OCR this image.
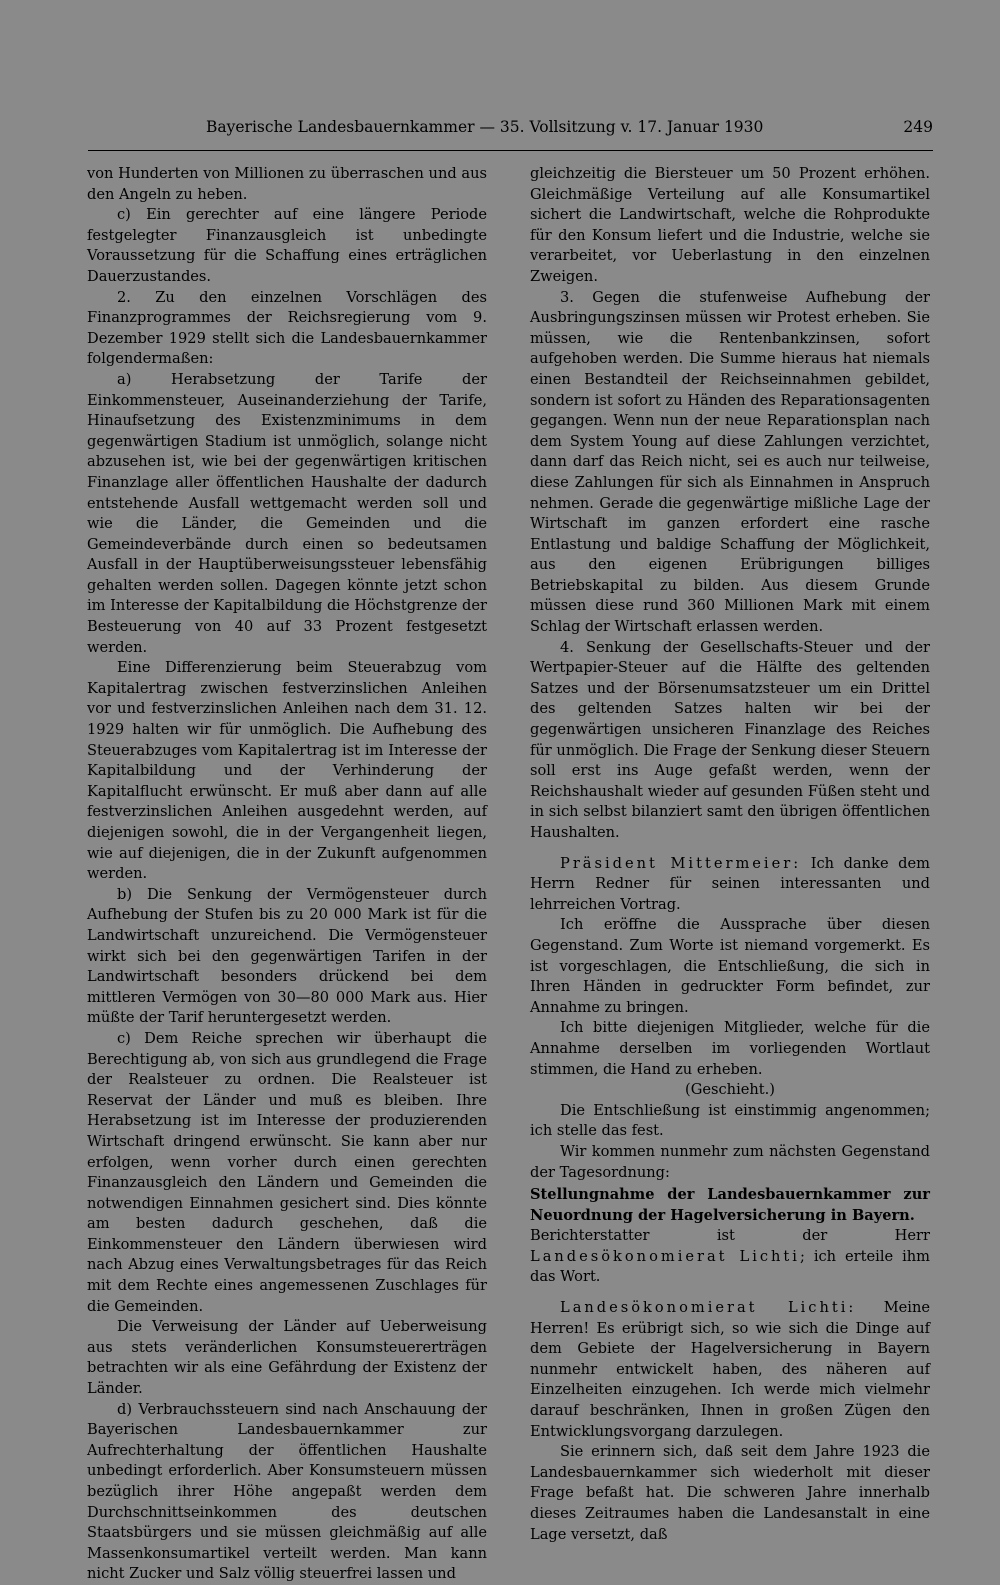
Bayerische Landesbauernkammer — 35. Vollsitzung v. 17. Januar 1930	249

von Hunderten von Millionen zu überraschen und aus den Angeln zu heben.

c) Ein gerechter auf eine längere Periode festgelegter Finanzausgleich ist unbedingte Voraussetzung für die Schaffung eines erträglichen Dauerzustandes.

2. Zu den einzelnen Vorschlägen des Finanzprogrammes der Reichsregierung vom 9. Dezember 1929 stellt sich die Landesbauernkammer folgendermaßen:

a) Herabsetzung der Tarife der Einkommensteuer, Auseinanderziehung der Tarife, Hinaufsetzung des Existenzminimums in dem gegenwärtigen Stadium ist unmöglich, solange nicht abzusehen ist, wie bei der gegenwärtigen kritischen Finanzlage aller öffentlichen Haushalte der dadurch entstehende Ausfall wettgemacht werden soll und wie die Länder, die Gemeinden und die Gemeindeverbände durch einen so bedeutsamen Ausfall in der Hauptüberweisungssteuer lebensfähig gehalten werden sollen. Dagegen könnte jetzt schon im Interesse der Kapitalbildung die Höchstgrenze der Besteuerung von 40 auf 33 Prozent festgesetzt werden.

Eine Differenzierung beim Steuerabzug vom Kapitalertrag zwischen festverzinslichen Anleihen vor und festverzinslichen Anleihen nach dem 31. 12. 1929 halten wir für unmöglich. Die Aufhebung des Steuerabzuges vom Kapitalertrag ist im Interesse der Kapitalbildung und der Verhinderung der Kapitalflucht erwünscht. Er muß aber dann auf alle festverzinslichen Anleihen ausgedehnt werden, auf diejenigen sowohl, die in der Vergangenheit liegen, wie auf diejenigen, die in der Zukunft aufgenommen werden.

b) Die Senkung der Vermögensteuer durch Aufhebung der Stufen bis zu 20 000 Mark ist für die Landwirtschaft unzureichend. Die Vermögensteuer wirkt sich bei den gegenwärtigen Tarifen in der Landwirtschaft besonders drückend bei dem mittleren Vermögen von 30—80 000 Mark aus. Hier müßte der Tarif heruntergesetzt werden.

c) Dem Reiche sprechen wir überhaupt die Berechtigung ab, von sich aus grundlegend die Frage der Realsteuer zu ordnen. Die Realsteuer ist Reservat der Länder und muß es bleiben. Ihre Herabsetzung ist im Interesse der produzierenden Wirtschaft dringend erwünscht. Sie kann aber nur erfolgen, wenn vorher durch einen gerechten Finanzausgleich den Ländern und Gemeinden die notwendigen Einnahmen gesichert sind. Dies könnte am besten dadurch geschehen, daß die Einkommensteuer den Ländern überwiesen wird nach Abzug eines Verwaltungsbetrages für das Reich mit dem Rechte eines angemessenen Zuschlages für die Gemeinden.

Die Verweisung der Länder auf Ueberweisung aus stets veränderlichen Konsumsteuererträgen betrachten wir als eine Gefährdung der Existenz der Länder.

d) Verbrauchssteuern sind nach Anschauung der Bayerischen Landesbauernkammer zur Aufrechterhaltung der öffentlichen Haushalte unbedingt erforderlich. Aber Konsumsteuern müssen bezüglich ihrer Höhe angepaßt werden dem Durchschnittseinkommen des deutschen Staatsbürgers und sie müssen gleichmäßig auf alle Massenkonsumartikel verteilt werden. Man kann nicht Zucker und Salz völlig steuerfrei lassen und

gleichzeitig die Biersteuer um 50 Prozent erhöhen. Gleichmäßige Verteilung auf alle Konsumartikel sichert die Landwirtschaft, welche die Rohprodukte für den Konsum liefert und die Industrie, welche sie verarbeitet, vor Ueberlastung in den einzelnen Zweigen.

3. Gegen die stufenweise Aufhebung der Ausbringungszinsen müssen wir Protest erheben. Sie müssen, wie die Rentenbankzinsen, sofort aufgehoben werden. Die Summe hieraus hat niemals einen Bestandteil der Reichseinnahmen gebildet, sondern ist sofort zu Händen des Reparationsagenten gegangen. Wenn nun der neue Reparationsplan nach dem System Young auf diese Zahlungen verzichtet, dann darf das Reich nicht, sei es auch nur teilweise, diese Zahlungen für sich als Einnahmen in Anspruch nehmen. Gerade die gegenwärtige mißliche Lage der Wirtschaft im ganzen erfordert eine rasche Entlastung und baldige Schaffung der Möglichkeit, aus den eigenen Erübrigungen billiges Betriebskapital zu bilden. Aus diesem Grunde müssen diese rund 360 Millionen Mark mit einem Schlag der Wirtschaft erlassen werden.

4. Senkung der Gesellschafts-Steuer und der Wertpapier-Steuer auf die Hälfte des geltenden Satzes und der Börsenumsatzsteuer um ein Drittel des geltenden Satzes halten wir bei der gegenwärtigen unsicheren Finanzlage des Reiches für unmöglich. Die Frage der Senkung dieser Steuern soll erst ins Auge gefaßt werden, wenn der Reichshaushalt wieder auf gesunden Füßen steht und in sich selbst bilanziert samt den übrigen öffentlichen Haushalten.

Präsident Mittermeier: Ich danke dem Herrn Redner für seinen interessanten und lehrreichen Vortrag.

Ich eröffne die Aussprache über diesen Gegenstand. Zum Worte ist niemand vorgemerkt. Es ist vorgeschlagen, die Entschließung, die sich in Ihren Händen in gedruckter Form befindet, zur Annahme zu bringen.

Ich bitte diejenigen Mitglieder, welche für die Annahme derselben im vorliegenden Wortlaut stimmen, die Hand zu erheben.

(Geschieht.)

Die Entschließung ist einstimmig angenommen; ich stelle das fest.

Wir kommen nunmehr zum nächsten Gegenstand der Tagesordnung:

Stellungnahme der Landesbauernkammer zur Neuordnung der Hagelversicherung in Bayern.

Berichterstatter ist der Herr Landesökonomierat Lichti; ich erteile ihm das Wort.

Landesökonomierat Lichti: Meine Herren! Es erübrigt sich, so wie sich die Dinge auf dem Gebiete der Hagelversicherung in Bayern nunmehr entwickelt haben, des näheren auf Einzelheiten einzugehen. Ich werde mich vielmehr darauf beschränken, Ihnen in großen Zügen den Entwicklungsvorgang darzulegen.

Sie erinnern sich, daß seit dem Jahre 1923 die Landesbauernkammer sich wiederholt mit dieser Frage befaßt hat. Die schweren Jahre innerhalb dieses Zeitraumes haben die Landesanstalt in eine Lage versetzt, daß
